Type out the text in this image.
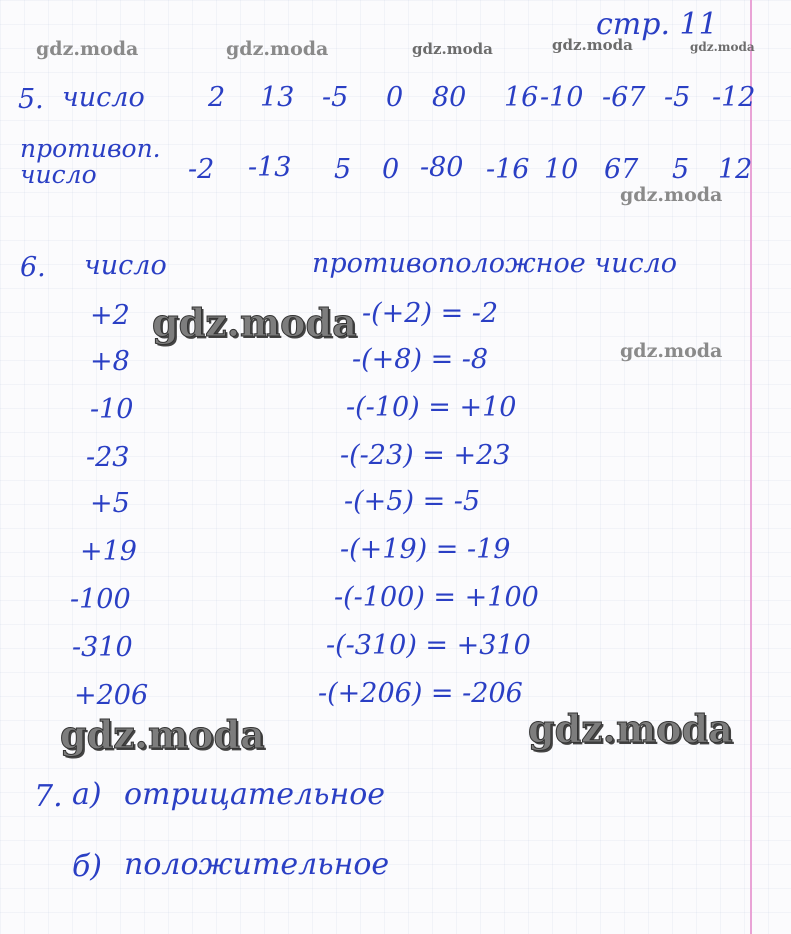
стр. 11
gdz.moda	gdz.moda	gdz.moda	gdz.moda	gdz.moda
5. число 2 13 -5 0 80 16 -10 -67 -5 -12
противоп.
число	-2 -13 5 0 -80 -16 10 67 5 12
gdz.moda
6. число	противоположное число
+2	-(+2) = -2
+8	-(+8) = -8
-10	-(-10) = +10
-23	-(-23) = +23
+5	-(+5) = -5
+19	-(+19) = -19
-100	-(-100) = +100
-310	-(-310) = +310
+206	-(+206) = -206
gdz.moda
gdz.moda
gdz.moda	gdz.moda
7. а) отрицательное
б) положительное
